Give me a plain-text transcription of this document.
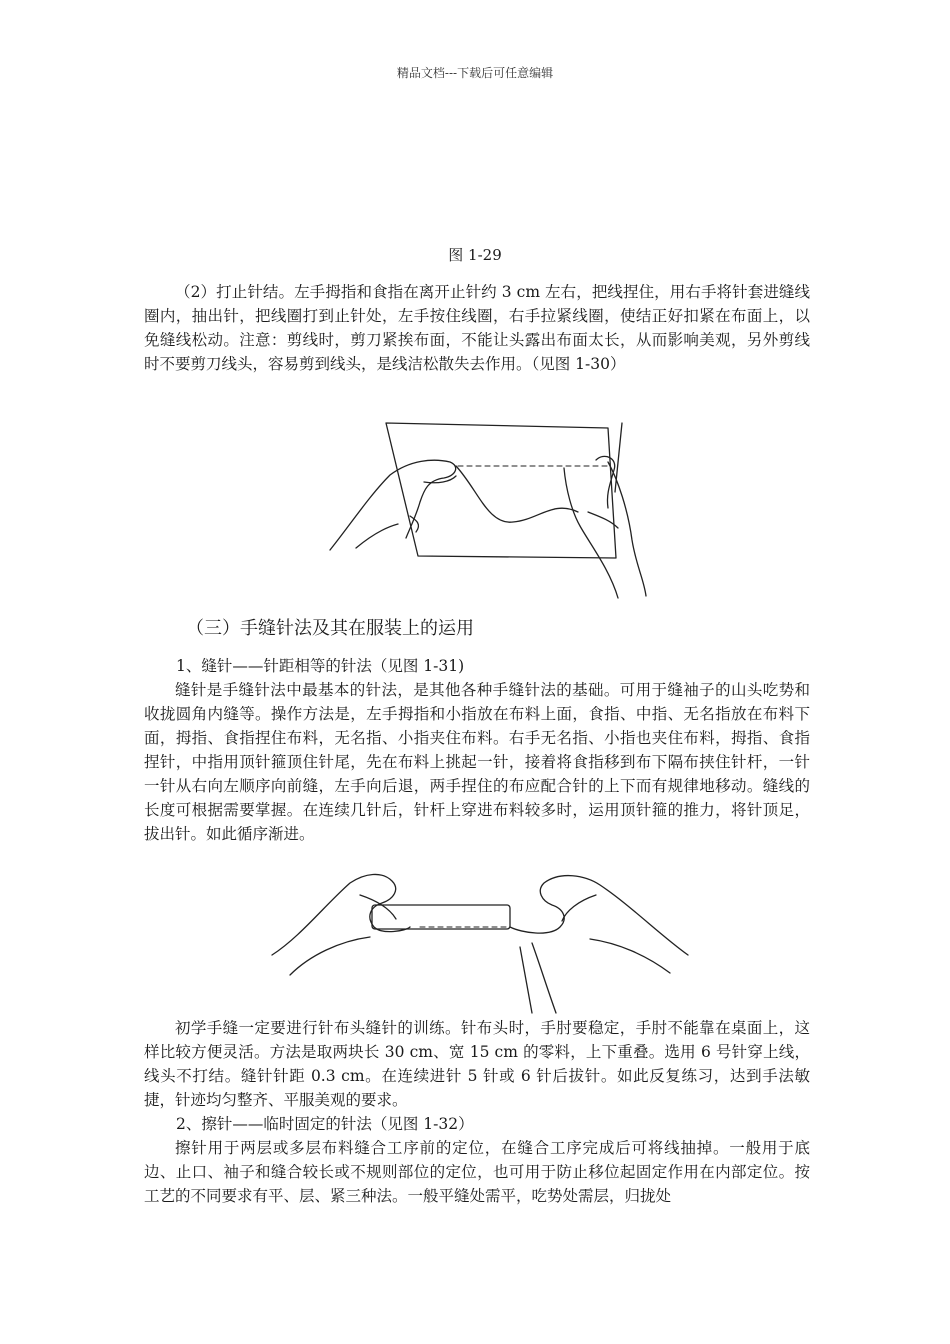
精品文档---下载后可任意编辑
图 1-29

（2）打止针结。左手拇指和食指在离开止针约 3 cm 左右，把线捏住，用右手将针套进缝线圈内，抽出针，把线圈打到止针处，左手按住线圈，右手拉紧线圈，使结正好扣紧在布面上，以免缝线松动。注意：剪线时，剪刀紧挨布面，不能让头露出布面太长，从而影响美观，另外剪线时不要剪刀线头，容易剪到线头，是线洁松散失去作用。（见图 1-30）

（三）手缝针法及其在服装上的运用
1、缝针——针距相等的针法（见图 1-31)

缝针是手缝针法中最基本的针法，是其他各种手缝针法的基础。可用于缝袖子的山头吃势和收拢圆角内缝等。操作方法是，左手拇指和小指放在布料上面，食指、中指、无名指放在布料下面，拇指、食指捏住布料，无名指、小指夹住布料。右手无名指、小指也夹住布料，拇指、食指捏针，中指用顶针箍顶住针尾，先在布料上挑起一针，接着将食指移到布下隔布挟住针杆，一针一针从右向左顺序向前缝，左手向后退，两手捏住的布应配合针的上下而有规律地移动。缝线的长度可根据需要掌握。在连续几针后，针杆上穿进布料较多时，运用顶针箍的推力，将针顶足，拔出针。如此循序渐进。

初学手缝一定要进行针布头缝针的训练。针布头时，手肘要稳定，手肘不能靠在桌面上，这样比较方便灵活。方法是取两块长 30 cm、宽 15 cm 的零料，上下重叠。选用 6 号针穿上线，线头不打结。缝针针距 0.3 cm。在连续进针 5 针或 6 针后拔针。如此反复练习，达到手法敏捷，针迹均匀整齐、平服美观的要求。

2、擦针——临时固定的针法（见图 1-32）

擦针用于两层或多层布料缝合工序前的定位，在缝合工序完成后可将线抽掉。一般用于底边、止口、袖子和缝合较长或不规则部位的定位，也可用于防止移位起固定作用在内部定位。按工艺的不同要求有平、层、紧三种法。一般平缝处需平，吃势处需层，归拢处
